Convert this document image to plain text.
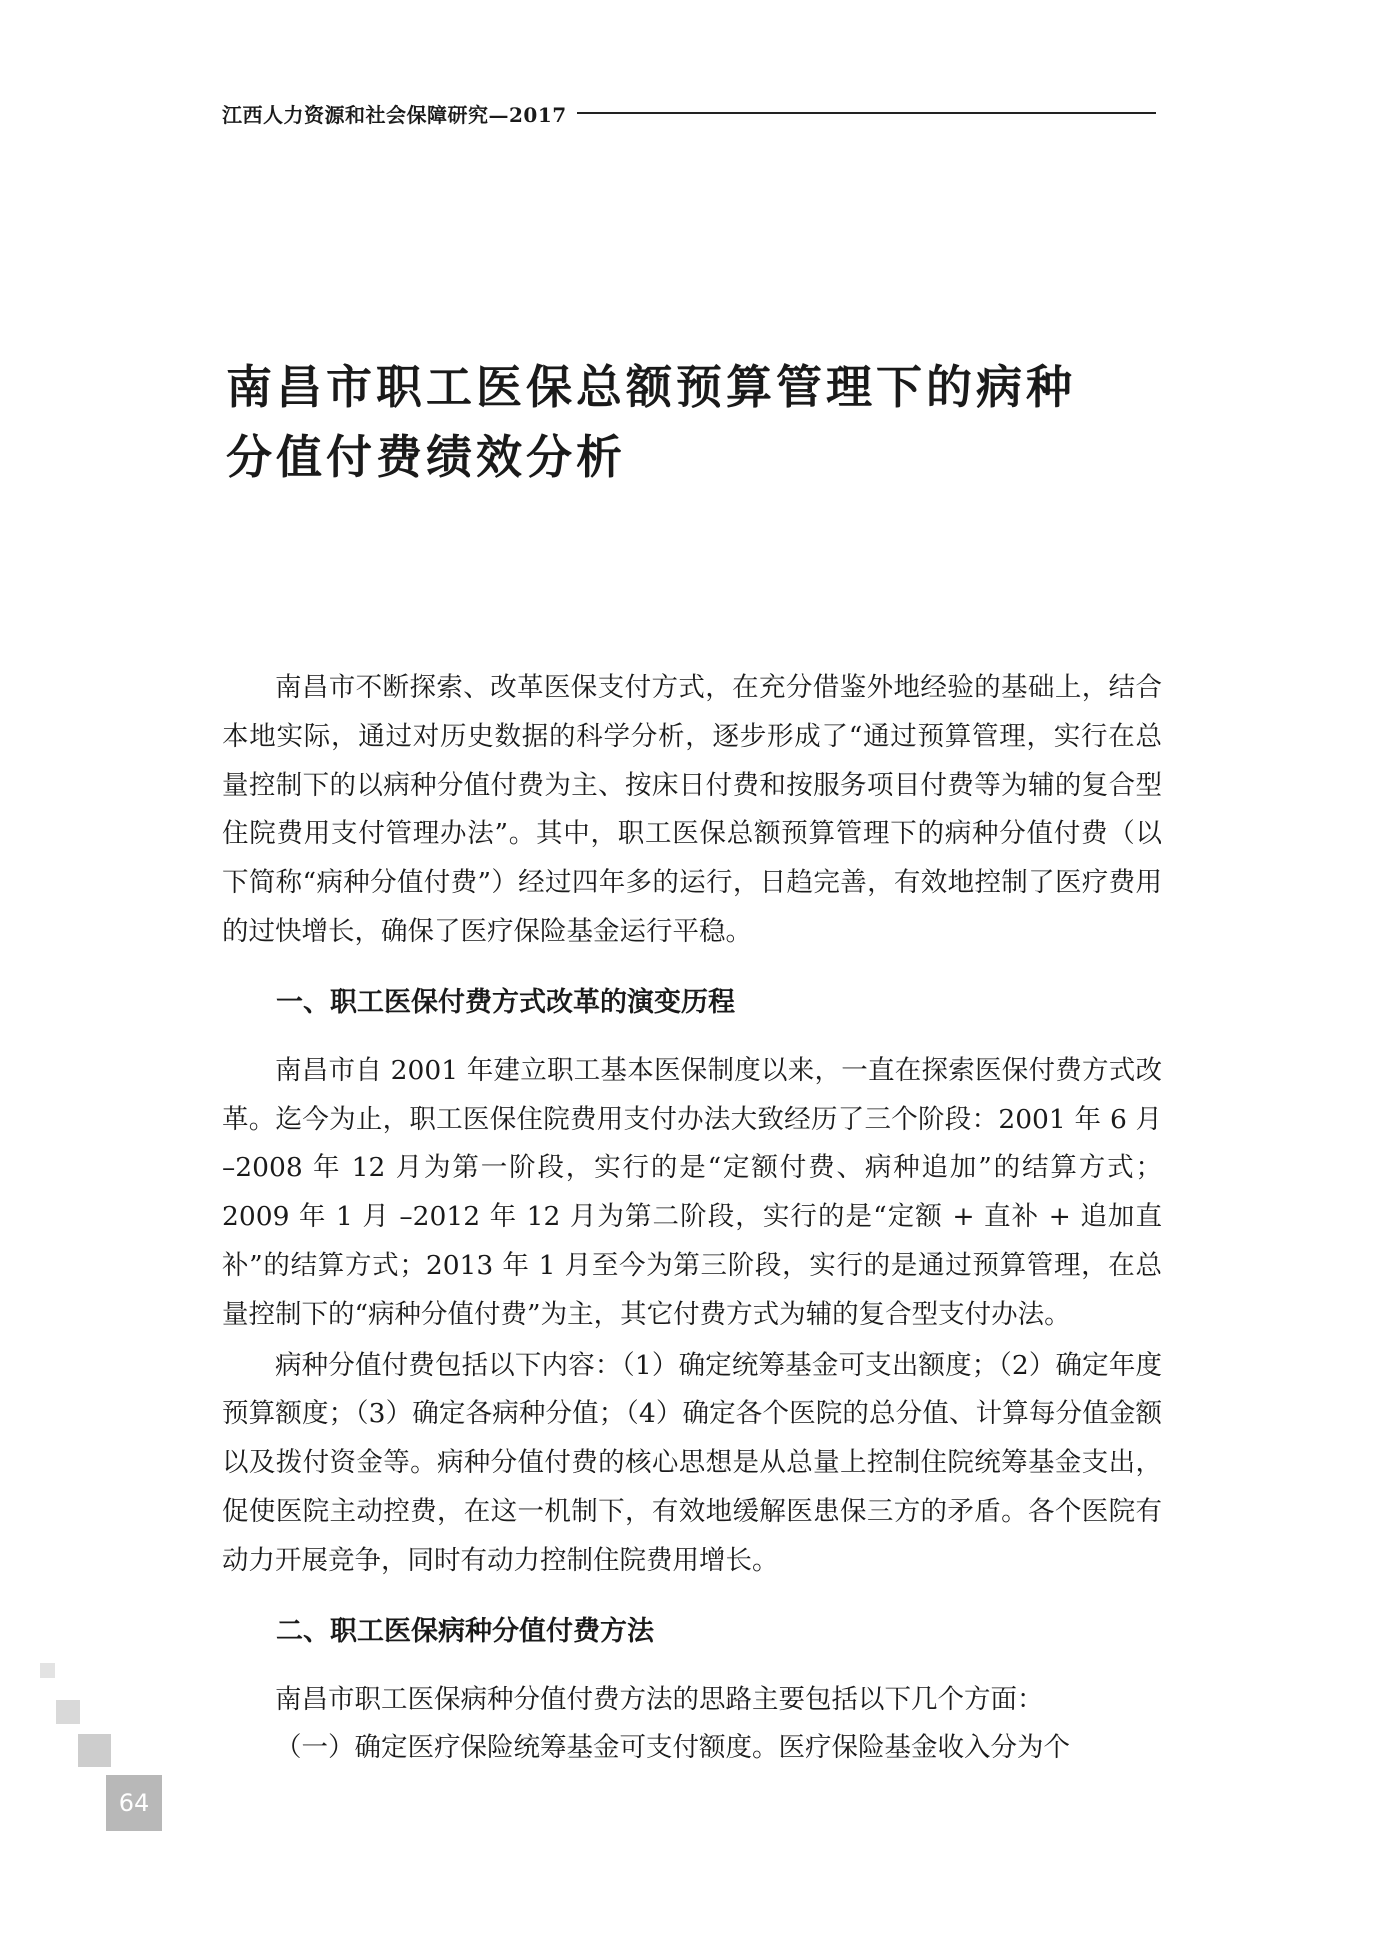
江西人力资源和社会保障研究—2017
南昌市职工医保总额预算管理下的病种
分值付费绩效分析

南昌市不断探索、改革医保支付方式，在充分借鉴外地经验的基础上，结合本地实际，通过对历史数据的科学分析，逐步形成了“通过预算管理，实行在总量控制下的以病种分值付费为主、按床日付费和按服务项目付费等为辅的复合型住院费用支付管理办法”。其中，职工医保总额预算管理下的病种分值付费（以下简称“病种分值付费”）经过四年多的运行，日趋完善，有效地控制了医疗费用的过快增长，确保了医疗保险基金运行平稳。

一、职工医保付费方式改革的演变历程

南昌市自 2001 年建立职工基本医保制度以来，一直在探索医保付费方式改革。迄今为止，职工医保住院费用支付办法大致经历了三个阶段：2001 年 6 月 –2008 年 12 月为第一阶段，实行的是“定额付费、病种追加”的结算方式；2009 年 1 月 –2012 年 12 月为第二阶段，实行的是“定额 + 直补 + 追加直补”的结算方式；2013 年 1 月至今为第三阶段，实行的是通过预算管理，在总量控制下的“病种分值付费”为主，其它付费方式为辅的复合型支付办法。

病种分值付费包括以下内容：（1）确定统筹基金可支出额度；（2）确定年度预算额度；（3）确定各病种分值；（4）确定各个医院的总分值、计算每分值金额以及拨付资金等。病种分值付费的核心思想是从总量上控制住院统筹基金支出，促使医院主动控费，在这一机制下，有效地缓解医患保三方的矛盾。各个医院有动力开展竞争，同时有动力控制住院费用增长。

二、职工医保病种分值付费方法

南昌市职工医保病种分值付费方法的思路主要包括以下几个方面：

（一）确定医疗保险统筹基金可支付额度。医疗保险基金收入分为个

64
